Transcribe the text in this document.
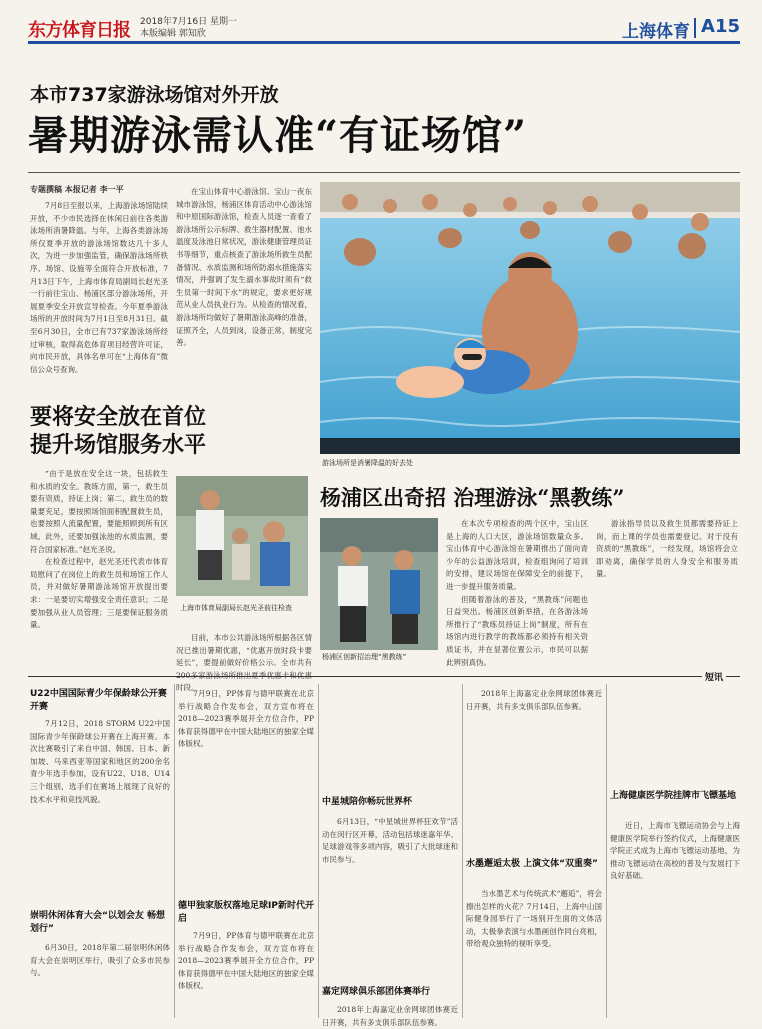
东方体育日报 2018年7月16日 星期一
本版编辑 郭知欣	上海体育 A15
本市737家游泳场馆对外开放
暑期游泳需认准“有证场馆”
专题撰稿 本报记者 李一平

7月8日至报以来，上海游泳场馆陆续开放，不少市民选择在休闲日前往各类游泳场所消暑降温。与年，上海各类游泳场所仅夏季开放的游泳场馆数达几十多人次，为进一步加强监管，确保游泳场所秩序、场馆、设施等全面符合开放标准，7月13日下午，上海市体育局副局长赵光圣一行前往宝山、杨浦区部分游泳场所，开展夏季安全开放宣导检查。今年夏季游泳场所的开放时间为7月1日至8月31日。截至6月30日，全市已有737家游泳场所经过审核，取得高危体育项目经营许可证，向市民开放，具体名单可在“上海体育”微信公众号查询。

在宝山体育中心游泳馆、宝山一夜东城市游泳馆，杨浦区体育活动中心游泳馆和中原国际游泳馆，检查人员逐一查看了游泳场所公示标牌、救生器材配置、池水温度及泳池日常状况，游泳健康管理员证书等细节，重点核查了游泳场所救生员配备情况、水质监测和场所防溺水措施落实情况，并强调了发生溺水事故时须有“救生员第一时间下水”的规定，要求更好规范从业人员执业行为。从检查的情况看，游泳场所均做好了暑期游泳高峰的准备，证照齐全，人员到岗，设备正常，制度完善。

游泳场所是消暑降温的好去处
要将安全放在首位
提升场馆服务水平

“由于是放在安全这一块，包括救生和水质的安全。教练方面，第一，救生员要有资质，持证上岗；第二，救生员的数量要充足，要按照场馆面积配置救生员，也要按照人流量配置，要能照顾到所有区域。此外，还要加强泳池的水质监测，要符合国家标准。”赵光圣说。

在检查过程中，赵光圣还代表市体育局慰问了在岗位上的救生员和场馆工作人员，并对做好暑期游泳场馆开放提出要求：一是要切实增强安全责任意识；二是要加强从业人员管理；三是要保证服务质量。

上海市体育局副局长赵光圣前往检查

目前，本市公共游泳场所根据各区情况已推出暑期优惠，“优惠开放时段卡要延长”，要提前做好价格公示。全市共有 时段。

杨浦区出奇招 治理游泳“黑教练”
杨浦区创新招治理“黑教练”

在本次专项检查的两个区中，宝山区是上海的人口大区，游泳场馆数量众多。宝山体育中心游泳馆在暑期推出了面向青少年的公益游泳培训，检查组询问了培训的安排，建议场馆在保障安全的前提下，进一步提升服务质量。

但随着游泳的普及，“黑教练”问题也日益突出。杨浦区创新举措，在各游泳场所推行了“教练员持证上岗”制度，所有在场馆内进行教学的教练都必须持有相关资质证书，并在显著位置公示，市民可以据此辨别真伪。

游泳指导员以及救生员都需要持证上岗，而上课的学员也需要登记。对于没有资质的“黑教练”，一经发现，场馆将会立即劝离，确保学员的人身安全和服务质量。

短讯
U22中国国际青少年保龄球公开赛开赛

7月12日，2018 STORM U22中国国际青少年保龄球公开赛在上海开赛。本次比赛吸引了来自中国、韩国、日本、新加坡、马来西亚等国家和地区的200余名青少年选手参加，设有U22、U18、U14三个组别，选手们在赛场上展现了良好的技术水平和竞技风貌。

崇明休闲体育大会“以划会友 畅想划行”

6月30日，2018年第二届崇明休闲体育大会在崇明区举行，吸引了众多市民参与。

7月9日，PP体育与德甲联赛在北京举行战略合作发布会，双方宣布将在2018—2023赛季展开全方位合作，PP体育获得德甲在中国大陆地区的独家全媒体版权。

德甲独家版权落地足球IP新时代开启

7月9日，PP体育与德甲联赛在北京举行战略合作发布会，双方宣布将在2018—2023赛季展开全方位合作，PP体育获得德甲在中国大陆地区的独家全媒体版权。

中星城陪你畅玩世界杯

6月13日，“中星城世界杯狂欢节”活动在闵行区开幕，活动包括球迷嘉年华、足球游戏等多项内容，吸引了大批球迷和市民参与。

嘉定网球俱乐部团体赛举行

2018年上海嘉定业余网球团体赛近日开赛，共有多支俱乐部队伍参赛。

2018年上海嘉定业余网球团体赛近日开赛，共有多支俱乐部队伍参赛。

水墨邂逅太极 上演文体“双重奏”

当水墨艺术与传统武术“邂逅”，将会擦出怎样的火花？7月14日，上海中山国际健身园举行了一场别开生面的文体活动，太极拳表演与水墨画创作同台亮相，带给观众独特的视听享受。

上海健康医学院挂牌市飞镖基地

近日，上海市飞镖运动协会与上海健康医学院举行签约仪式，上海健康医学院正式成为上海市飞镖运动基地，为推动飞镖运动在高校的普及与发展打下良好基础。
